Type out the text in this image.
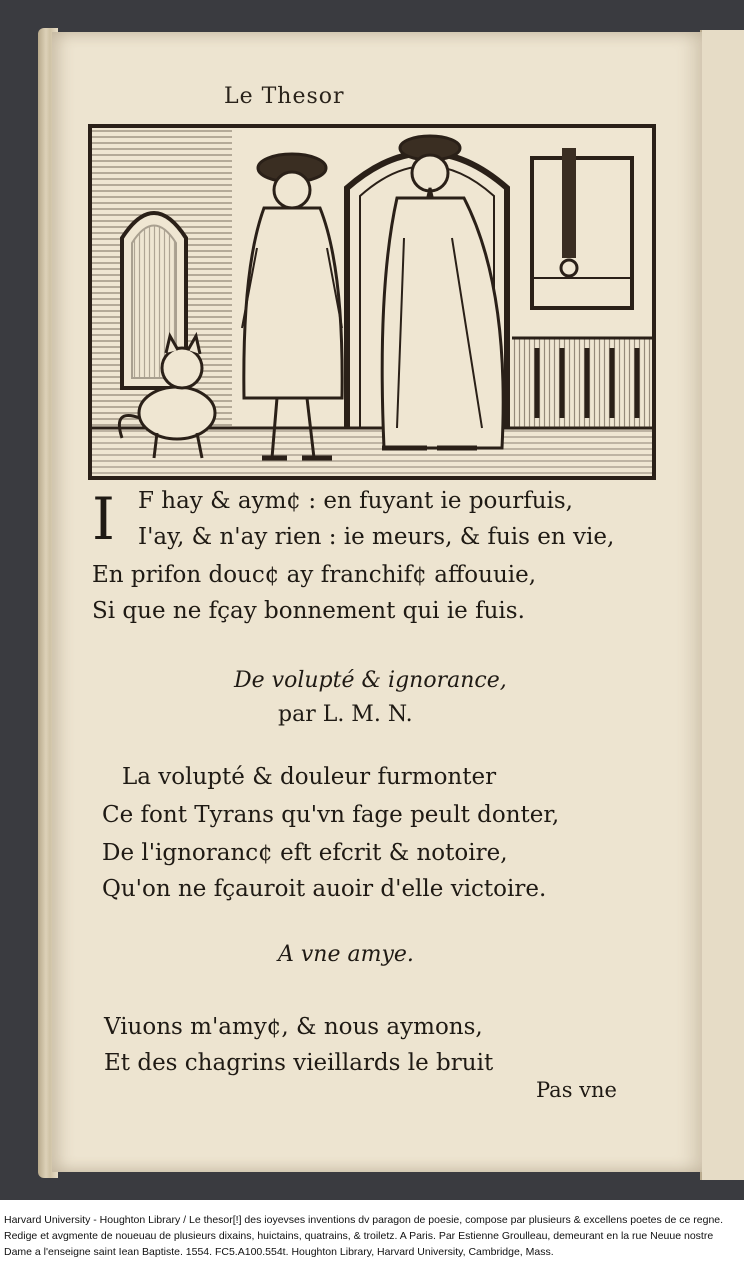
Le Thesor
I F hay & aym¢ : en fuyant ie pourfuis,
I'ay, & n'ay rien : ie meurs, & fuis en vie,
En prifon douc¢ ay franchif¢ affouuie,
Si que ne fçay bonnement qui ie fuis.
De volupté & ignorance,
par L. M. N.
La volupté & douleur furmonter
Ce font Tyrans qu'vn fage peult donter,
De l'ignoranc¢ eft efcrit & notoire,
Qu'on ne fçauroit auoir d'elle victoire.
A vne amye.
Viuons m'amy¢, & nous aymons,
Et des chagrins vieillards le bruit
Pas vne
Harvard University - Houghton Library / Le thesor[!] des ioyevses inventions dv paragon de poesie, compose par plusieurs & excellens poetes de ce regne. Redige et avgmente de noueuau de plusieurs dixains, huictains, quatrains, & troiletz. A Paris. Par Estienne Groulleau, demeurant en la rue Neuue nostre Dame a l'enseigne saint Iean Baptiste. 1554. FC5.A100.554t. Houghton Library, Harvard University, Cambridge, Mass.
